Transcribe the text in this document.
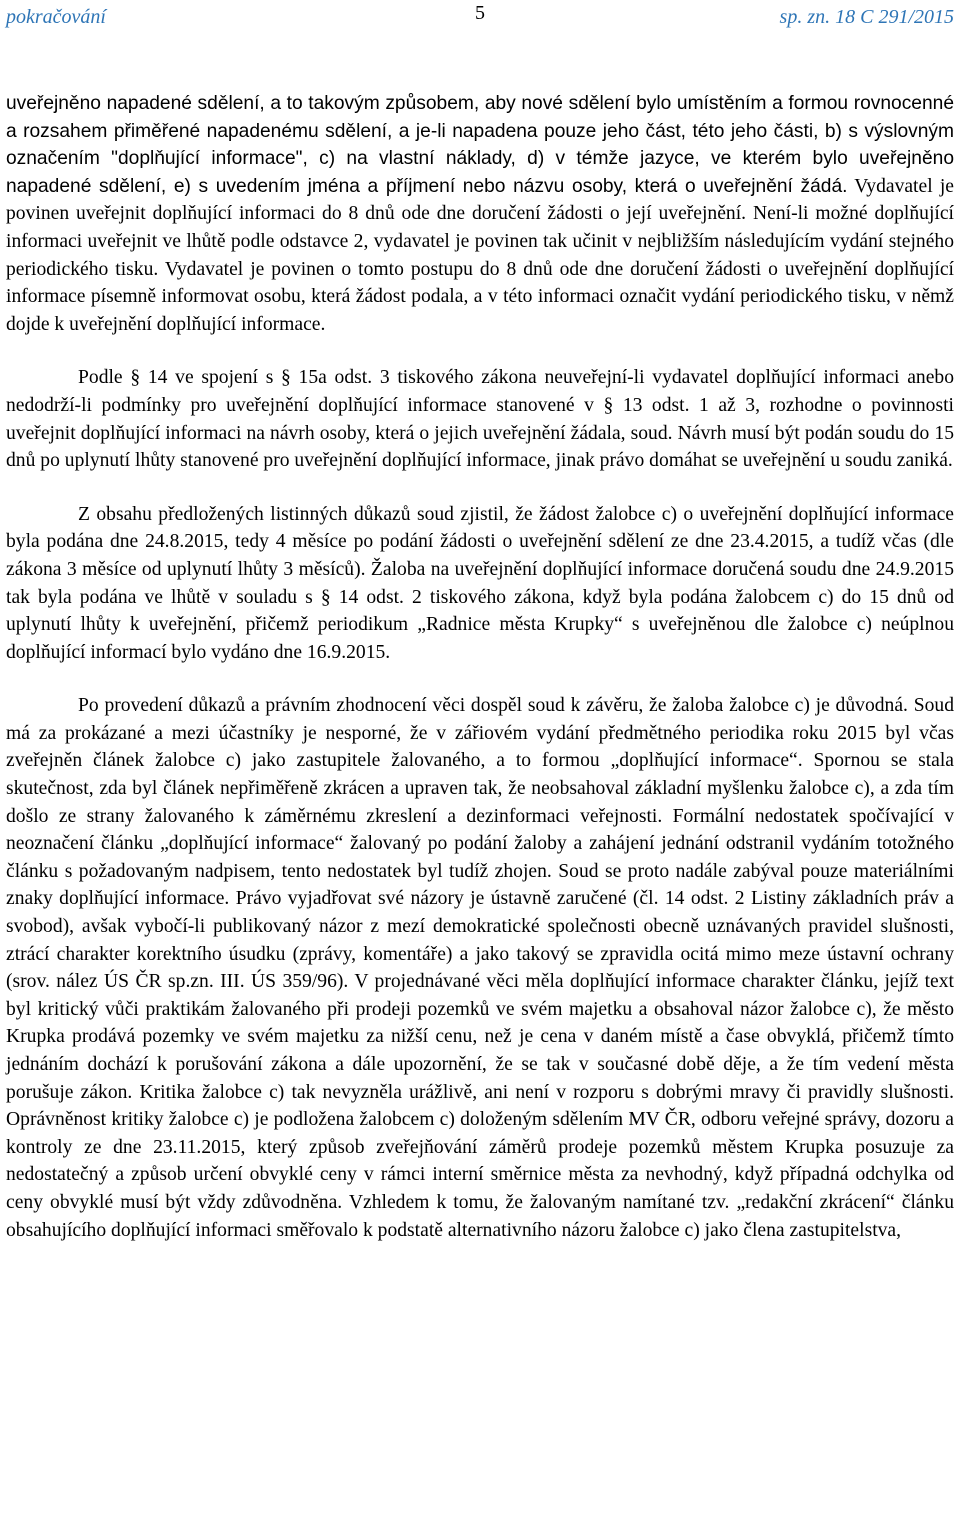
pokračování	5	sp. zn. 18 C 291/2015

uveřejněno napadené sdělení, a to takovým způsobem, aby nové sdělení bylo umístěním a formou rovnocenné a rozsahem přiměřené napadenému sdělení, a je-li napadena pouze jeho část, této jeho části, b) s výslovným označením "doplňující informace", c) na vlastní náklady, d) v témže jazyce, ve kterém bylo uveřejněno napadené sdělení, e) s uvedením jména a příjmení nebo názvu osoby, která o uveřejnění žádá. Vydavatel je povinen uveřejnit doplňující informaci do 8 dnů ode dne doručení žádosti o její uveřejnění. Není-li možné doplňující informaci uveřejnit ve lhůtě podle odstavce 2, vydavatel je povinen tak učinit v nejbližším následujícím vydání stejného periodického tisku. Vydavatel je povinen o tomto postupu do 8 dnů ode dne doručení žádosti o uveřejnění doplňující informace písemně informovat osobu, která žádost podala, a v této informaci označit vydání periodického tisku, v němž dojde k uveřejnění doplňující informace.

Podle § 14 ve spojení s § 15a odst. 3 tiskového zákona neuveřejní-li vydavatel doplňující informaci anebo nedodrží-li podmínky pro uveřejnění doplňující informace stanovené v § 13 odst. 1 až 3, rozhodne o povinnosti uveřejnit doplňující informaci na návrh osoby, která o jejich uveřejnění žádala, soud. Návrh musí být podán soudu do 15 dnů po uplynutí lhůty stanovené pro uveřejnění doplňující informace, jinak právo domáhat se uveřejnění u soudu zaniká.

Z obsahu předložených listinných důkazů soud zjistil, že žádost žalobce c) o uveřejnění doplňující informace byla podána dne 24.8.2015, tedy 4 měsíce po podání žádosti o uveřejnění sdělení ze dne 23.4.2015, a tudíž včas (dle zákona 3 měsíce od uplynutí lhůty 3 měsíců). Žaloba na uveřejnění doplňující informace doručená soudu dne 24.9.2015 tak byla podána ve lhůtě v souladu s § 14 odst. 2 tiskového zákona, když byla podána žalobcem c) do 15 dnů od uplynutí lhůty k uveřejnění, přičemž periodikum „Radnice města Krupky“ s uveřejněnou dle žalobce c) neúplnou doplňující informací bylo vydáno dne 16.9.2015.

Po provedení důkazů a právním zhodnocení věci dospěl soud k závěru, že žaloba žalobce c) je důvodná. Soud má za prokázané a mezi účastníky je nesporné, že v zářiovém vydání předmětného periodika roku 2015 byl včas zveřejněn článek žalobce c) jako zastupitele žalovaného, a to formou „doplňující informace“. Spornou se stala skutečnost, zda byl článek nepřiměřeně zkrácen a upraven tak, že neobsahoval základní myšlenku žalobce c), a zda tím došlo ze strany žalovaného k záměrnému zkreslení a dezinformaci veřejnosti. Formální nedostatek spočívající v neoznačení článku „doplňující informace“ žalovaný po podání žaloby a zahájení jednání odstranil vydáním totožného článku s požadovaným nadpisem, tento nedostatek byl tudíž zhojen. Soud se proto nadále zabýval pouze materiálními znaky doplňující informace. Právo vyjadřovat své názory je ústavně zaručené (čl. 14 odst. 2 Listiny základních práv a svobod), avšak vybočí-li publikovaný názor z mezí demokratické společnosti obecně uznávaných pravidel slušnosti, ztrácí charakter korektního úsudku (zprávy, komentáře) a jako takový se zpravidla ocitá mimo meze ústavní ochrany (srov. nález ÚS ČR sp.zn. III. ÚS 359/96). V projednávané věci měla doplňující informace charakter článku, jejíž text byl kritický vůči praktikám žalovaného při prodeji pozemků ve svém majetku a obsahoval názor žalobce c), že město Krupka prodává pozemky ve svém majetku za nižší cenu, než je cena v daném místě a čase obvyklá, přičemž tímto jednáním dochází k porušování zákona a dále upozornění, že se tak v současné době děje, a že tím vedení města porušuje zákon. Kritika žalobce c) tak nevyzněla urážlivě, ani není v rozporu s dobrými mravy či pravidly slušnosti. Oprávněnost kritiky žalobce c) je podložena žalobcem c) doloženým sdělením MV ČR, odboru veřejné správy, dozoru a kontroly ze dne 23.11.2015, který způsob zveřejňování záměrů prodeje pozemků městem Krupka posuzuje za nedostatečný a způsob určení obvyklé ceny v rámci interní směrnice města za nevhodný, když případná odchylka od ceny obvyklé musí být vždy zdůvodněna. Vzhledem k tomu, že žalovaným namítané tzv. „redakční zkrácení“ článku obsahujícího doplňující informaci směřovalo k podstatě alternativního názoru žalobce c) jako člena zastupitelstva,
